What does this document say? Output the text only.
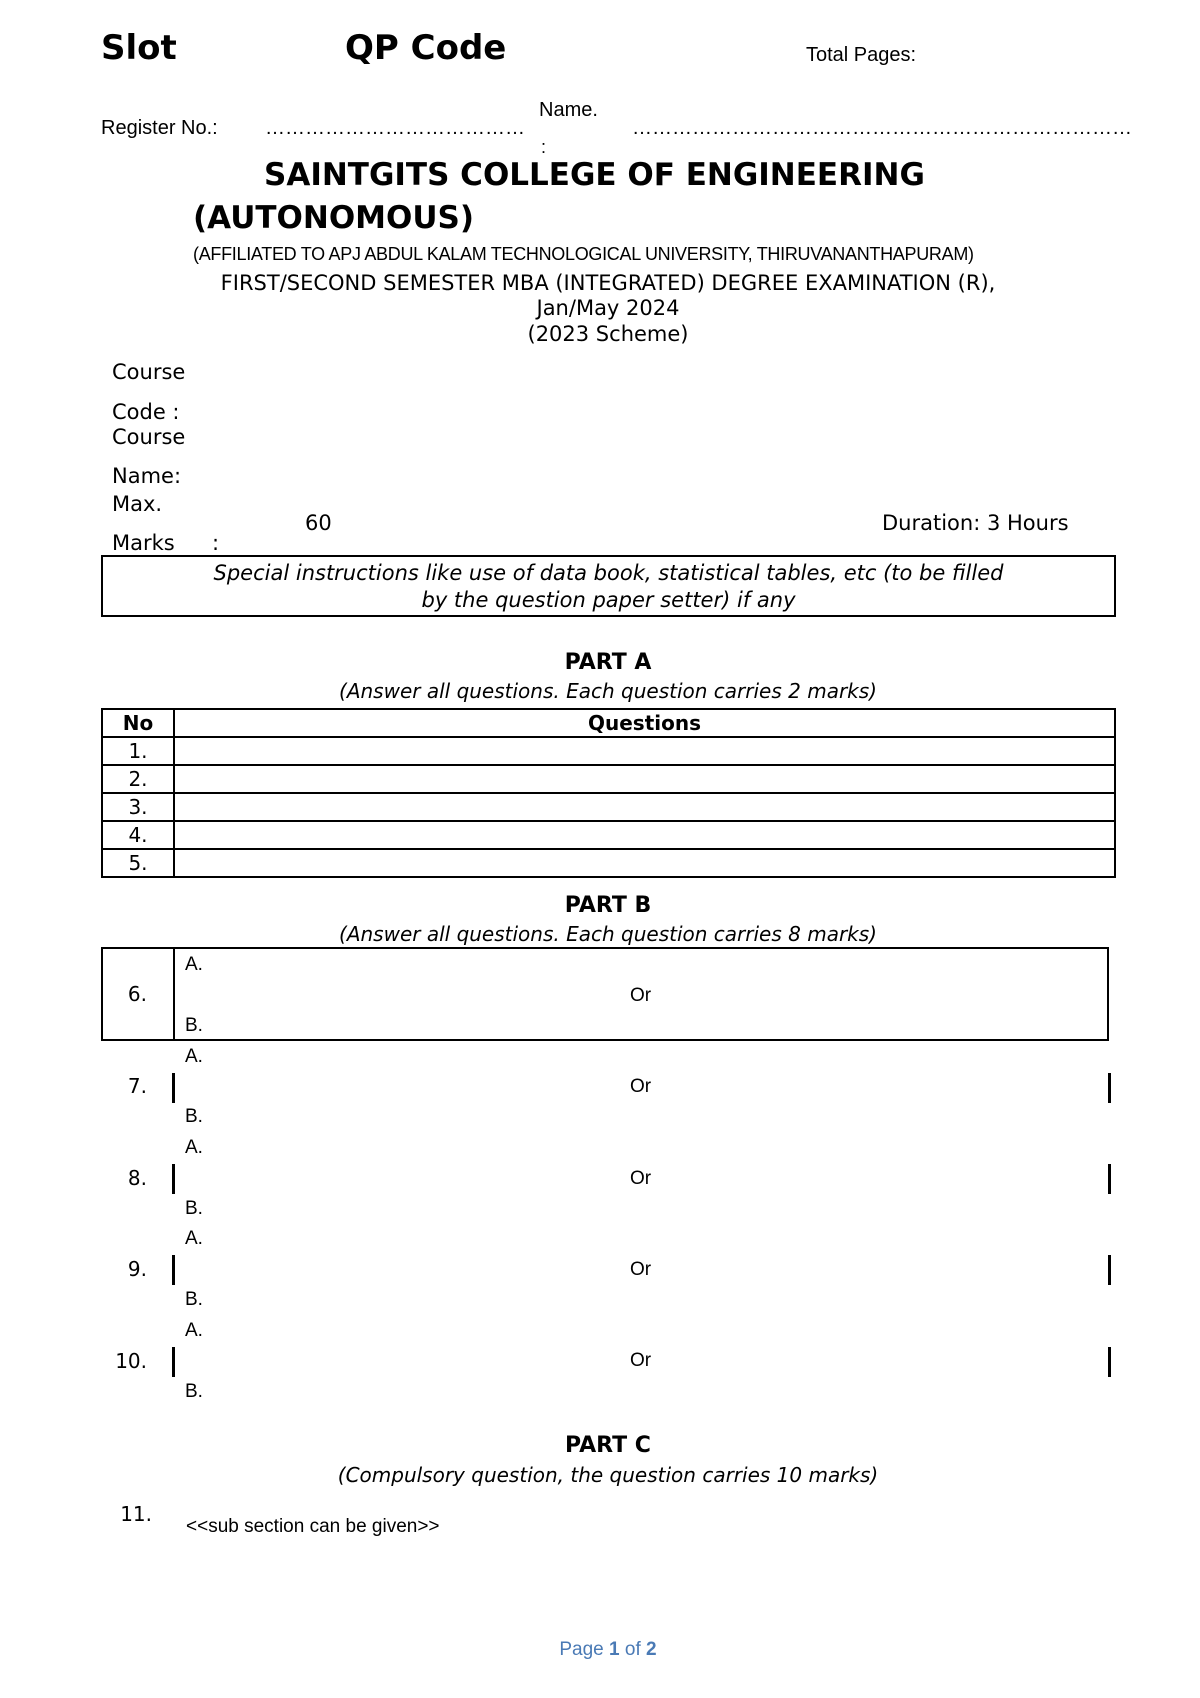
Slot	QP Code	Total Pages:
Register No.: …………………………………
Name.
:
…………………………………………………………………
SAINTGITS COLLEGE OF ENGINEERING
(AUTONOMOUS)
(AFFILIATED TO APJ ABDUL KALAM TECHNOLOGICAL UNIVERSITY, THIRUVANANTHAPURAM)
FIRST/SECOND SEMESTER MBA (INTEGRATED) DEGREE EXAMINATION (R),
Jan/May 2024
(2023 Scheme)
Course
Code :
Course
Name:
Max.
Marks :
60	Duration: 3 Hours
Special instructions like use of data book, statistical tables, etc (to be filled
by the question paper setter) if any
PART A
(Answer all questions. Each question carries 2 marks)
No	Questions
1.	
2.	
3.	
4.	
5.	
PART B
(Answer all questions. Each question carries 8 marks)
6.
A.
Or
B.
7.
A.
Or
B.
8.
A.
Or
B.
9.
A.
Or
B.
10.
A.
Or
B.
PART C
(Compulsory question, the question carries 10 marks)
11.
<<sub section can be given>>
Page 1 of 2
